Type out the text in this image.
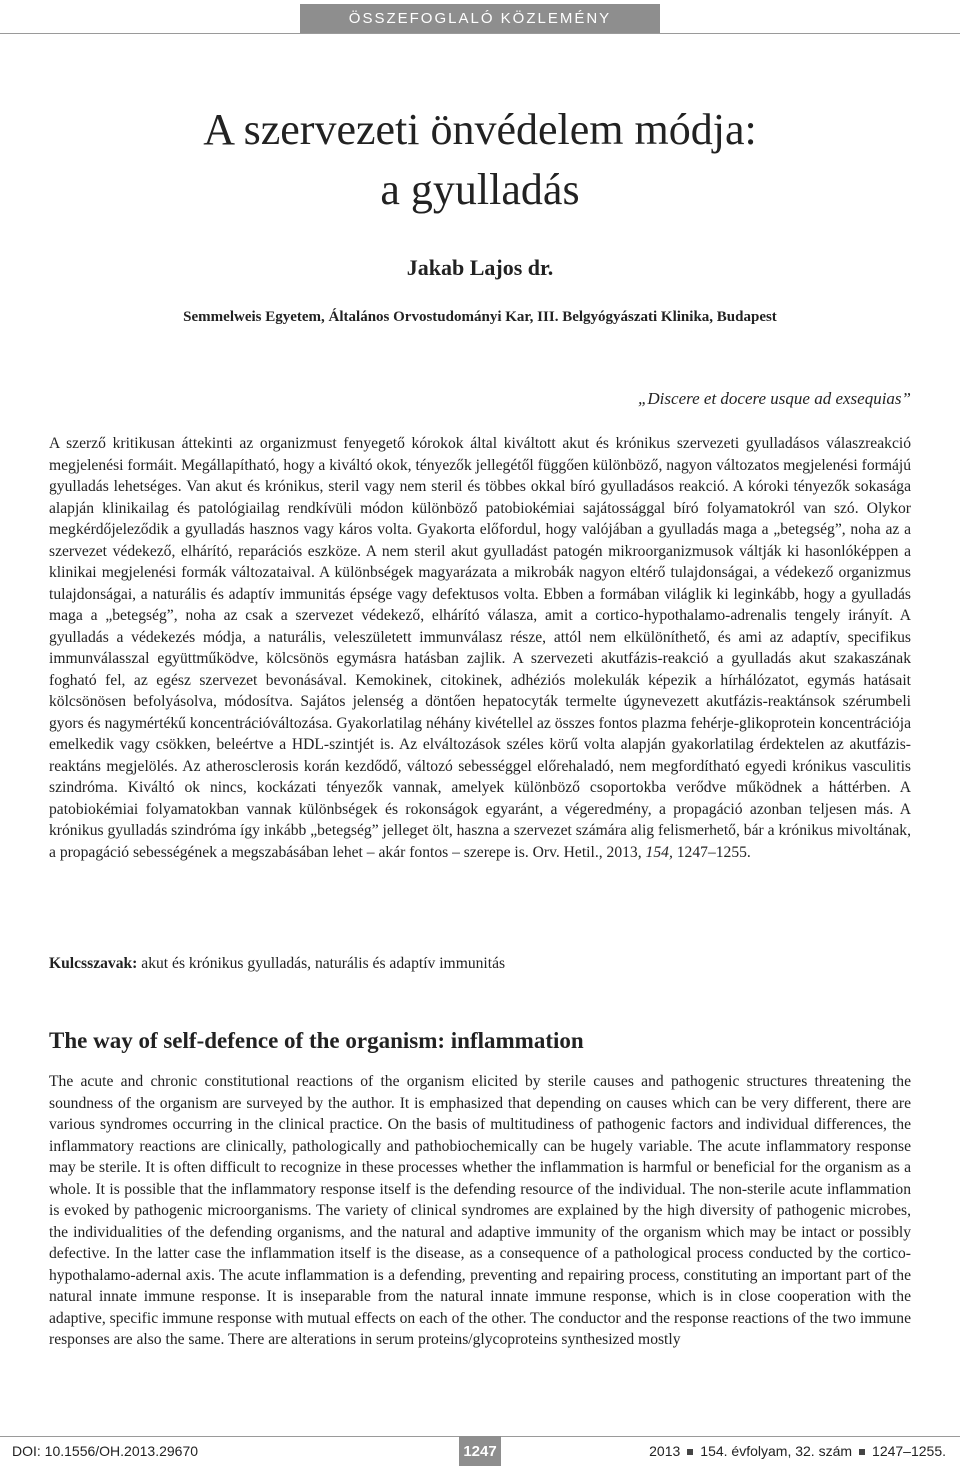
ÖSSZEFOGLALÓ KÖZLEMÉNY
A szervezeti önvédelem módja:
a gyulladás
Jakab Lajos dr.
Semmelweis Egyetem, Általános Orvostudományi Kar, III. Belgyógyászati Klinika, Budapest
„Discere et docere usque ad exsequias”

A szerző kritikusan áttekinti az organizmust fenyegető kórokok által kiváltott akut és krónikus szervezeti gyulladásos válaszreakció megjelenési formáit. Megállapítható, hogy a kiváltó okok, tényezők jellegétől függően különböző, nagyon változatos megjelenési formájú gyulladás lehetséges. Van akut és krónikus, steril vagy nem steril és többes okkal bíró gyulladásos reakció. A kóroki tényezők sokasága alapján klinikailag és patológiailag rendkívüli módon különböző patobiokémiai sajátossággal bíró folyamatokról van szó. Olykor megkérdőjeleződik a gyulladás hasznos vagy káros volta. Gyakorta előfordul, hogy valójában a gyulladás maga a „betegség”, noha az a szervezet védekező, elhárító, reparációs eszköze. A nem steril akut gyulladást patogén mikroorganizmusok váltják ki hasonlóképpen a klinikai megjelenési formák változataival. A különbségek magyarázata a mikrobák nagyon eltérő tulajdonságai, a védekező organizmus tulajdonságai, a naturális és adaptív immunitás épsége vagy defektusos volta. Ebben a formában világlik ki leginkább, hogy a gyulladás maga a „betegség”, noha az csak a szervezet védekező, elhárító válasza, amit a cortico-hypothalamo-adrenalis tengely irányít. A gyulladás a védekezés módja, a naturális, veleszületett immunválasz része, attól nem elkülöníthető, és ami az adaptív, specifikus immunválasszal együttműködve, kölcsönös egymásra hatásban zajlik. A szervezeti akutfázis-reakció a gyulladás akut szakaszának fogható fel, az egész szervezet bevonásával. Kemokinek, citokinek, adhéziós molekulák képezik a hírhálózatot, egymás hatásait kölcsönösen befolyásolva, módosítva. Sajátos jelenség a döntően hepatocyták termelte úgynevezett akutfázis-reaktánsok szérumbeli gyors és nagymértékű koncentrációváltozása. Gyakorlatilag néhány kivétellel az összes fontos plazma fehérje-glikoprotein koncentrációja emelkedik vagy csökken, beleértve a HDL-szintjét is. Az elváltozások széles körű volta alapján gyakorlatilag érdektelen az akutfázis-reaktáns megjelölés. Az atherosclerosis korán kezdődő, változó sebességgel előrehaladó, nem megfordítható egyedi krónikus vasculitis szindróma. Kiváltó ok nincs, kockázati tényezők vannak, amelyek különböző csoportokba verődve működnek a háttérben. A patobiokémiai folyamatokban vannak különbségek és rokonságok egyaránt, a végeredmény, a propagáció azonban teljesen más. A krónikus gyulladás szindróma így inkább „betegség” jelleget ölt, haszna a szervezet számára alig felismerhető, bár a krónikus mivoltának, a propagáció sebességének a megszabásában lehet – akár fontos – szerepe is. Orv. Hetil., 2013, 154, 1247–1255.

Kulcsszavak: akut és krónikus gyulladás, naturális és adaptív immunitás
The way of self-defence of the organism: inflammation

The acute and chronic constitutional reactions of the organism elicited by sterile causes and pathogenic structures threatening the soundness of the organism are surveyed by the author. It is emphasized that depending on causes which can be very different, there are various syndromes occurring in the clinical practice. On the basis of multitudiness of pathogenic factors and individual differences, the inflammatory reactions are clinically, pathologically and pathobiochemically can be hugely variable. The acute inflammatory response may be sterile. It is often difficult to recognize in these processes whether the inflammation is harmful or beneficial for the organism as a whole. It is possible that the inflammatory response itself is the defending resource of the individual. The non-sterile acute inflammation is evoked by pathogenic microorganisms. The variety of clinical syndromes are explained by the high diversity of pathogenic microbes, the individualities of the defending organisms, and the natural and adaptive immunity of the organism which may be intact or possibly defective. In the latter case the inflammation itself is the disease, as a consequence of a pathological process conducted by the cortico-hypothalamo-adernal axis. The acute inflammation is a defending, preventing and repairing process, constituting an important part of the natural innate immune response. It is inseparable from the natural innate immune response, which is in close cooperation with the adaptive, specific immune response with mutual effects on each of the other. The conductor and the response reactions of the two immune responses are also the same. There are alterations in serum proteins/glycoproteins synthesized mostly

DOI: 10.1556/OH.2013.29670	1247	2013 154. évfolyam, 32. szám 1247–1255.
